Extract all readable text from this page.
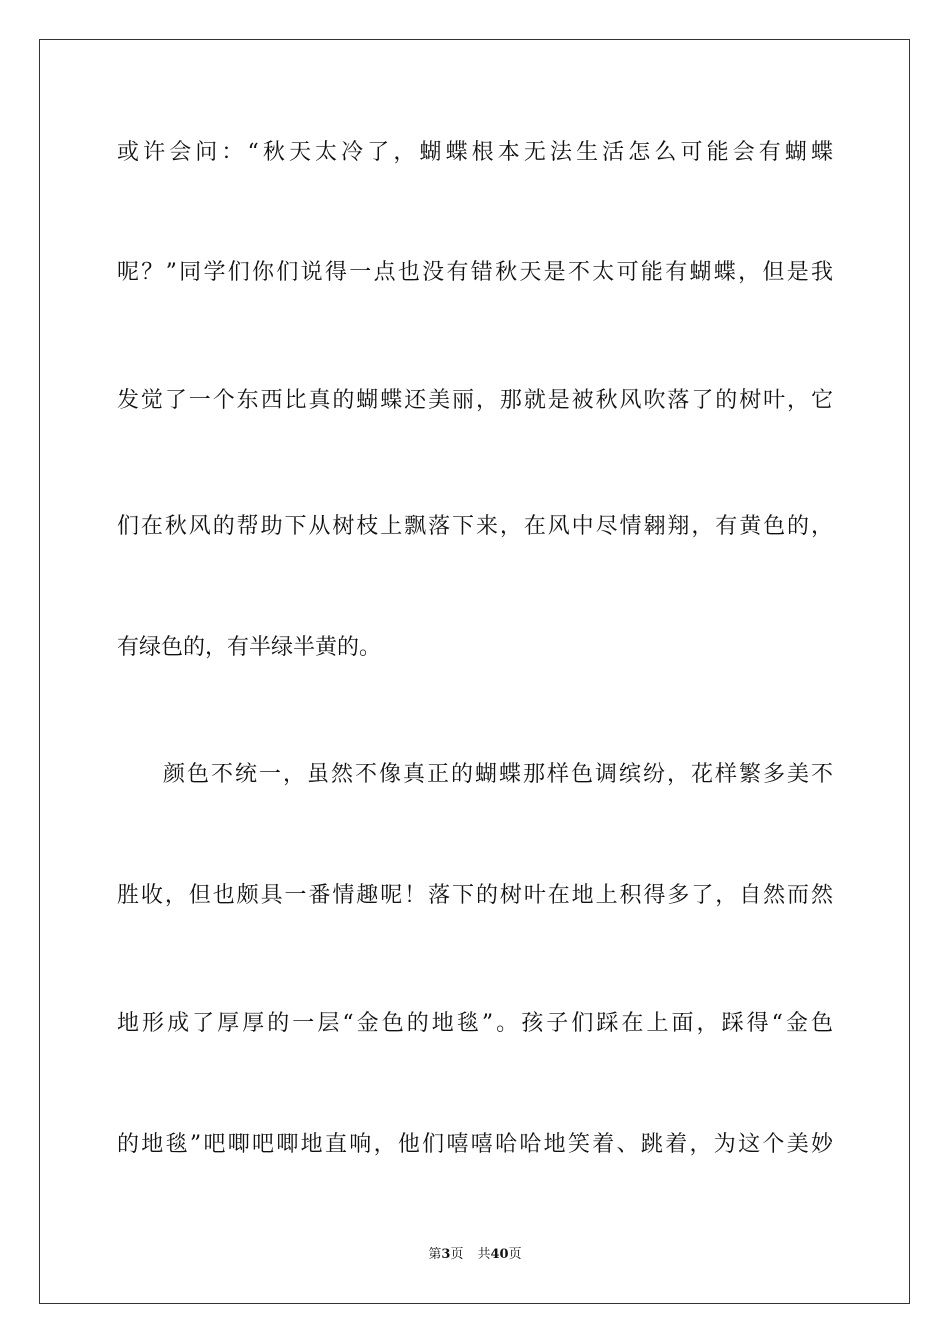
或许会问：“秋天太冷了，蝴蝶根本无法生活怎么可能会有蝴蝶
呢？”同学们你们说得一点也没有错秋天是不太可能有蝴蝶，但是我
发觉了一个东西比真的蝴蝶还美丽，那就是被秋风吹落了的树叶，它
们在秋风的帮助下从树枝上飘落下来，在风中尽情翱翔，有黄色的，
有绿色的，有半绿半黄的。
颜色不统一，虽然不像真正的蝴蝶那样色调缤纷，花样繁多美不
胜收，但也颇具一番情趣呢！落下的树叶在地上积得多了，自然而然
地形成了厚厚的一层“金色的地毯”。孩子们踩在上面，踩得“金色
的地毯”吧唧吧唧地直响，他们嘻嘻哈哈地笑着、跳着，为这个美妙
第3页 共40页
